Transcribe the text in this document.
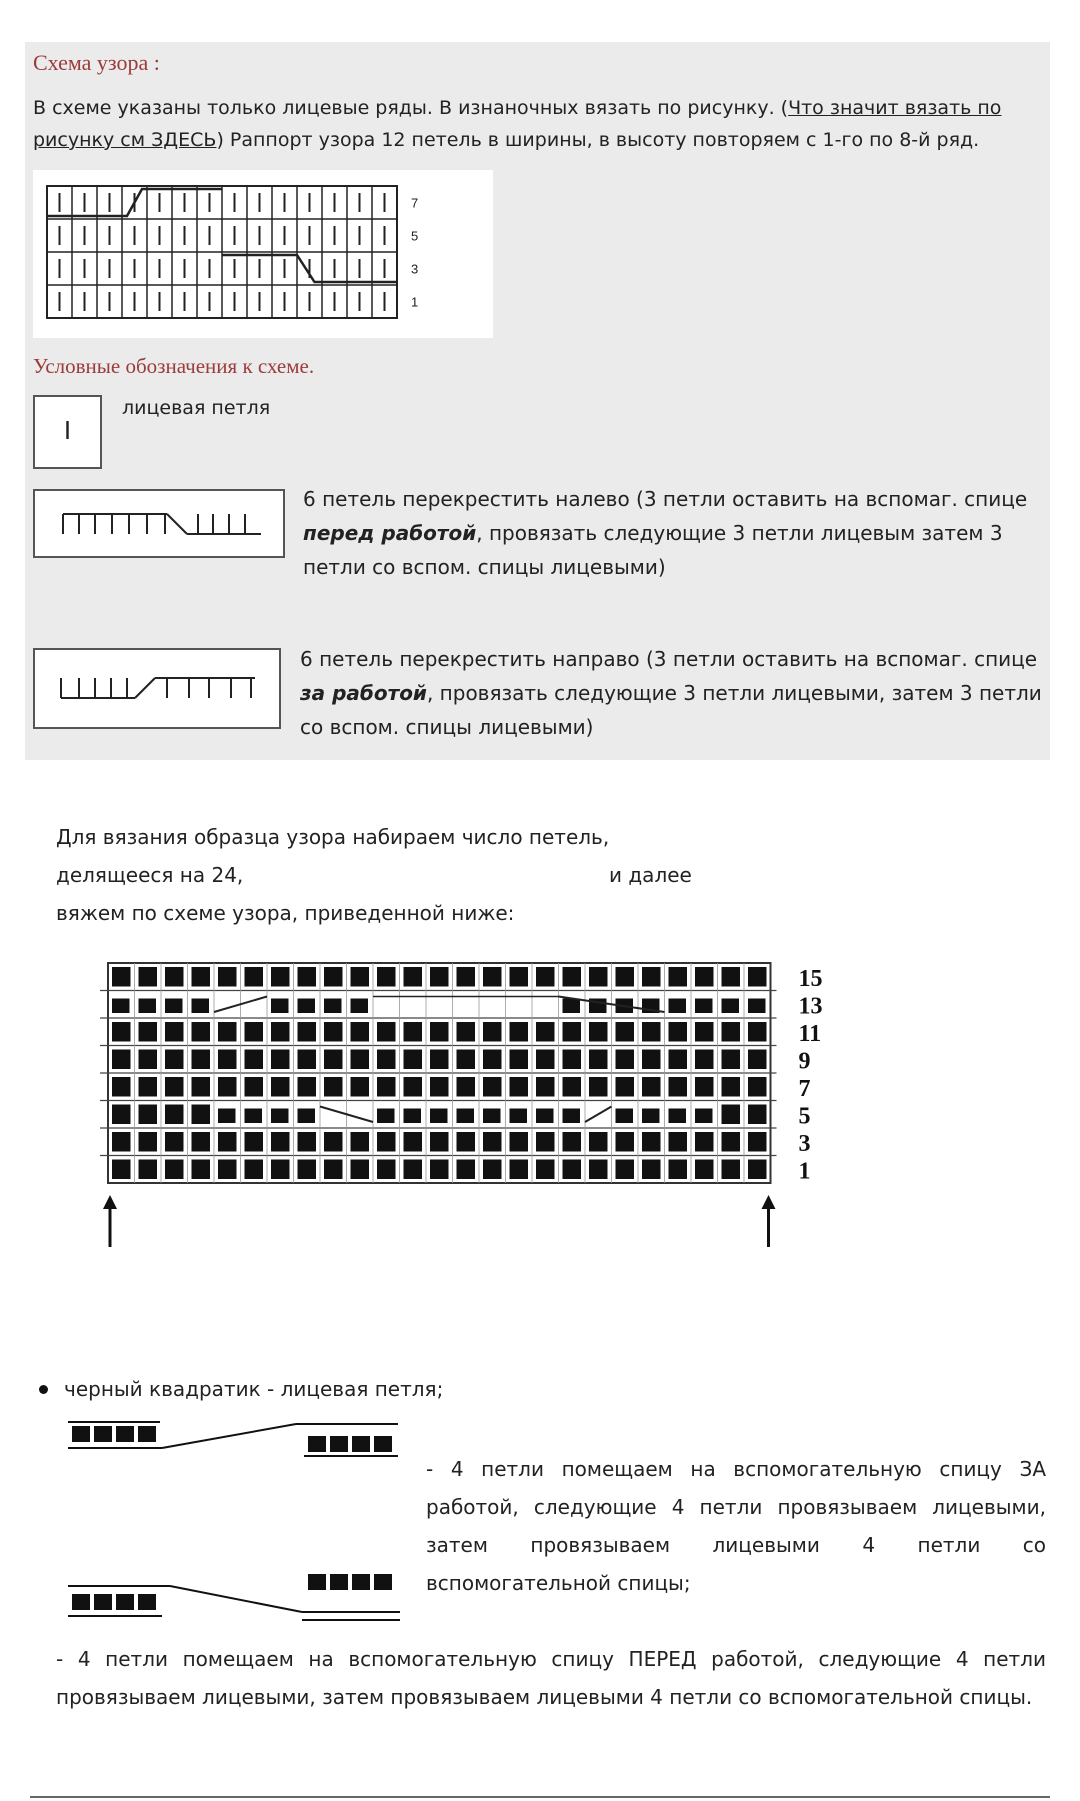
Схема узора :
В схеме указаны только лицевые ряды. В изнаночных вязать по рисунку. (Что значит вязать по рисунку см ЗДЕСЬ) Раппорт узора 12 петель в ширины, в высоту повторяем с 1-го по 8-й ряд.
7
5
3
1
Условные обозначения к схеме.
I
лицевая петля
6 петель перекрестить налево (3 петли оставить на вспомаг. спице перед работой, провязать следующие 3 петли лицевым затем 3 петли со вспом. спицы лицевыми)
6 петель перекрестить направо (3 петли оставить на вспомаг. спице за работой, провязать следующие 3 петли лицевыми, затем 3 петли со вспом. спицы лицевыми)
Для вязания образца узора набираем число петель,
делящееся на 24,	и далее
вяжем по схеме узора, приведенной ниже:
15
13
11
9
7
5
3
1
черный квадратик - лицевая петля;
- 4 петли помещаем на вспомогательную спицу ЗА работой, следующие 4 петли провязываем лицевыми, затем провязываем лицевыми 4 петли со вспомогательной спицы;
- 4 петли помещаем на вспомогательную спицу ПЕРЕД работой, следующие 4 петли провязываем лицевыми, затем провязываем лицевыми 4 петли со вспомогательной спицы.
